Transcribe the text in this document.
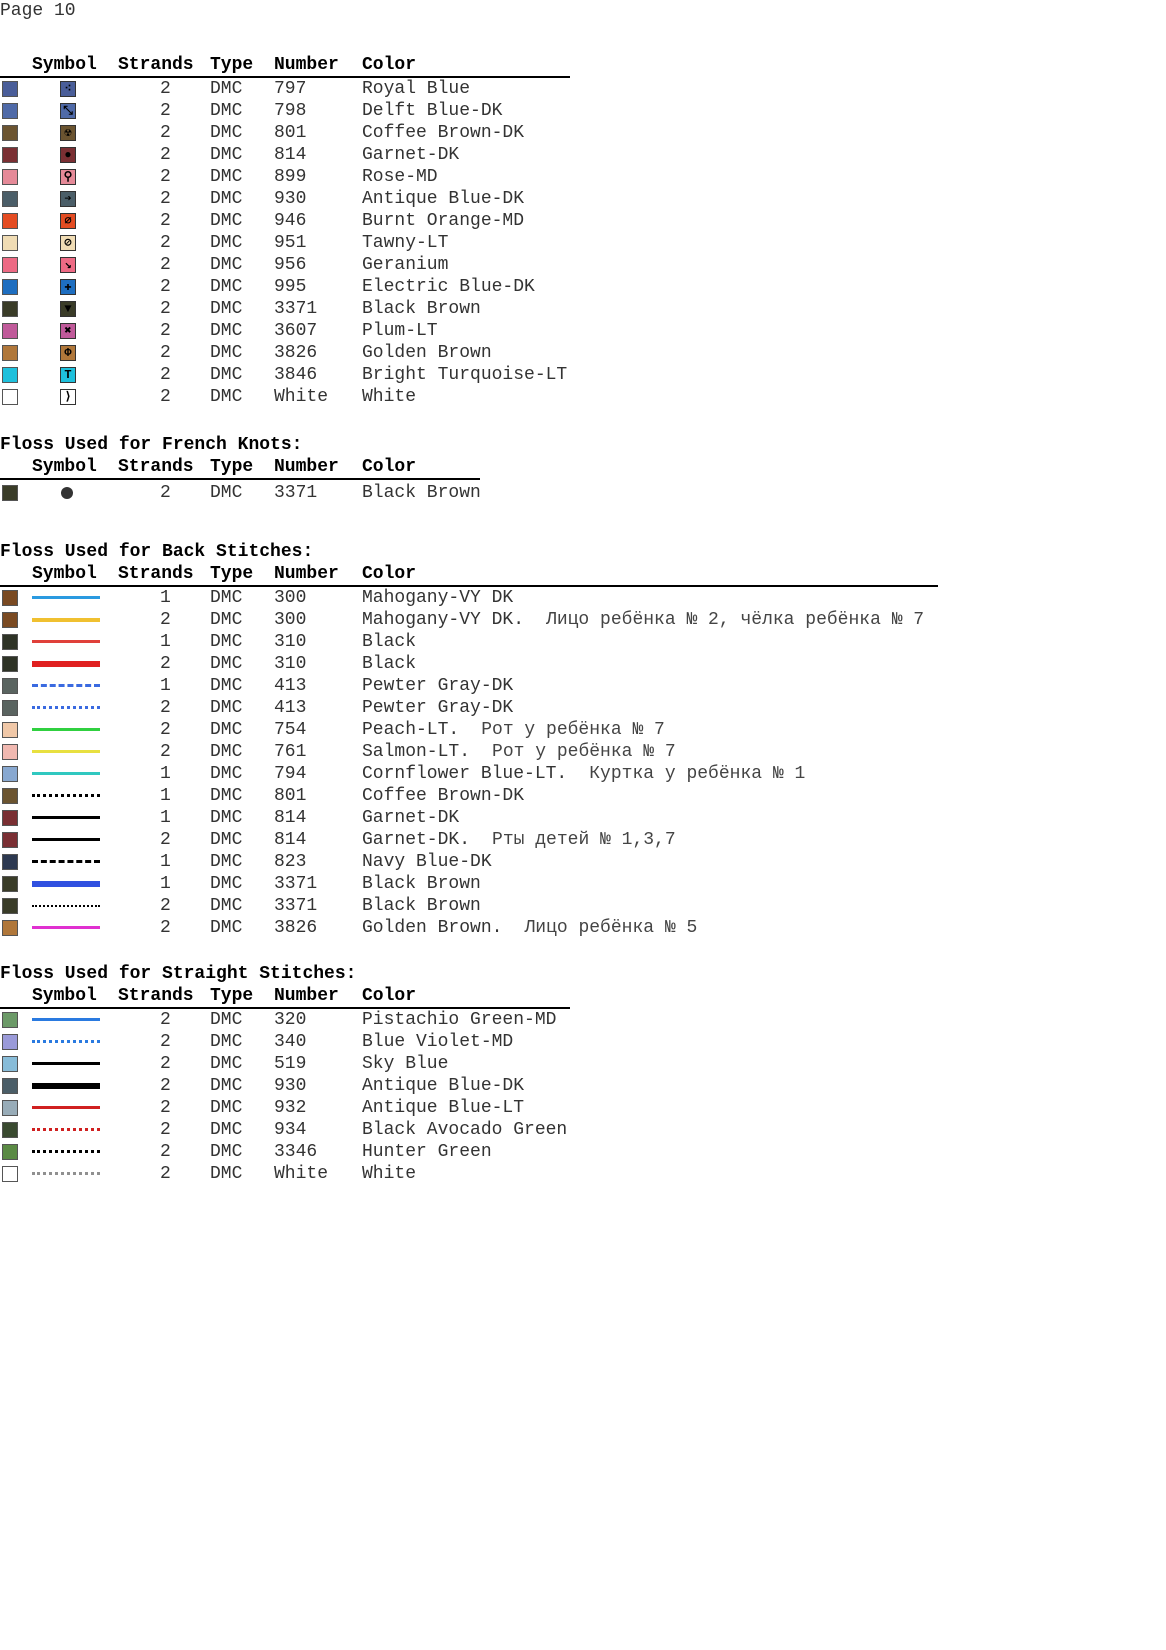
Page 10
Symbol Strands Type Number Color
⁖	2 DMC 797	Royal Blue
⤡	2 DMC 798	Delft Blue-DK
☢	2 DMC 801	Coffee Brown-DK
●	2 DMC 814	Garnet-DK
⚲	2 DMC 899	Rose-MD
➔	2 DMC 930	Antique Blue-DK
⌀	2 DMC 946	Burnt Orange-MD
⊘	2 DMC 951	Tawny-LT
↘	2 DMC 956	Geranium
✚	2 DMC 995	Electric Blue-DK
▼	2 DMC 3371 Black Brown
✖	2 DMC 3607 Plum-LT
Φ	2 DMC 3826 Golden Brown
T	2 DMC 3846 Bright Turquoise-LT
⟩	2 DMC White White
Floss Used for French Knots:
Symbol Strands Type Number Color
2 DMC 3371 Black Brown
Floss Used for Back Stitches:
Symbol Strands Type Number Color
1 DMC 300	Mahogany-VY DK
2 DMC 300	Mahogany-VY DK. Лицо ребёнка № 2, чёлка ребёнка № 7
1 DMC 310	Black
2 DMC 310	Black
1 DMC 413	Pewter Gray-DK
2 DMC 413	Pewter Gray-DK
2 DMC 754	Peach-LT. Рот у ребёнка № 7
2 DMC 761	Salmon-LT. Рот у ребёнка № 7
1 DMC 794	Cornflower Blue-LT. Куртка у ребёнка № 1
1 DMC 801	Coffee Brown-DK
1 DMC 814	Garnet-DK
2 DMC 814	Garnet-DK. Рты детей № 1,3,7
1 DMC 823	Navy Blue-DK
1 DMC 3371 Black Brown
2 DMC 3371 Black Brown
2 DMC 3826 Golden Brown. Лицо ребёнка № 5
Floss Used for Straight Stitches:
Symbol Strands Type Number Color
2 DMC 320	Pistachio Green-MD
2 DMC 340	Blue Violet-MD
2 DMC 519	Sky Blue
2 DMC 930	Antique Blue-DK
2 DMC 932	Antique Blue-LT
2 DMC 934	Black Avocado Green
2 DMC 3346 Hunter Green
2 DMC White White
